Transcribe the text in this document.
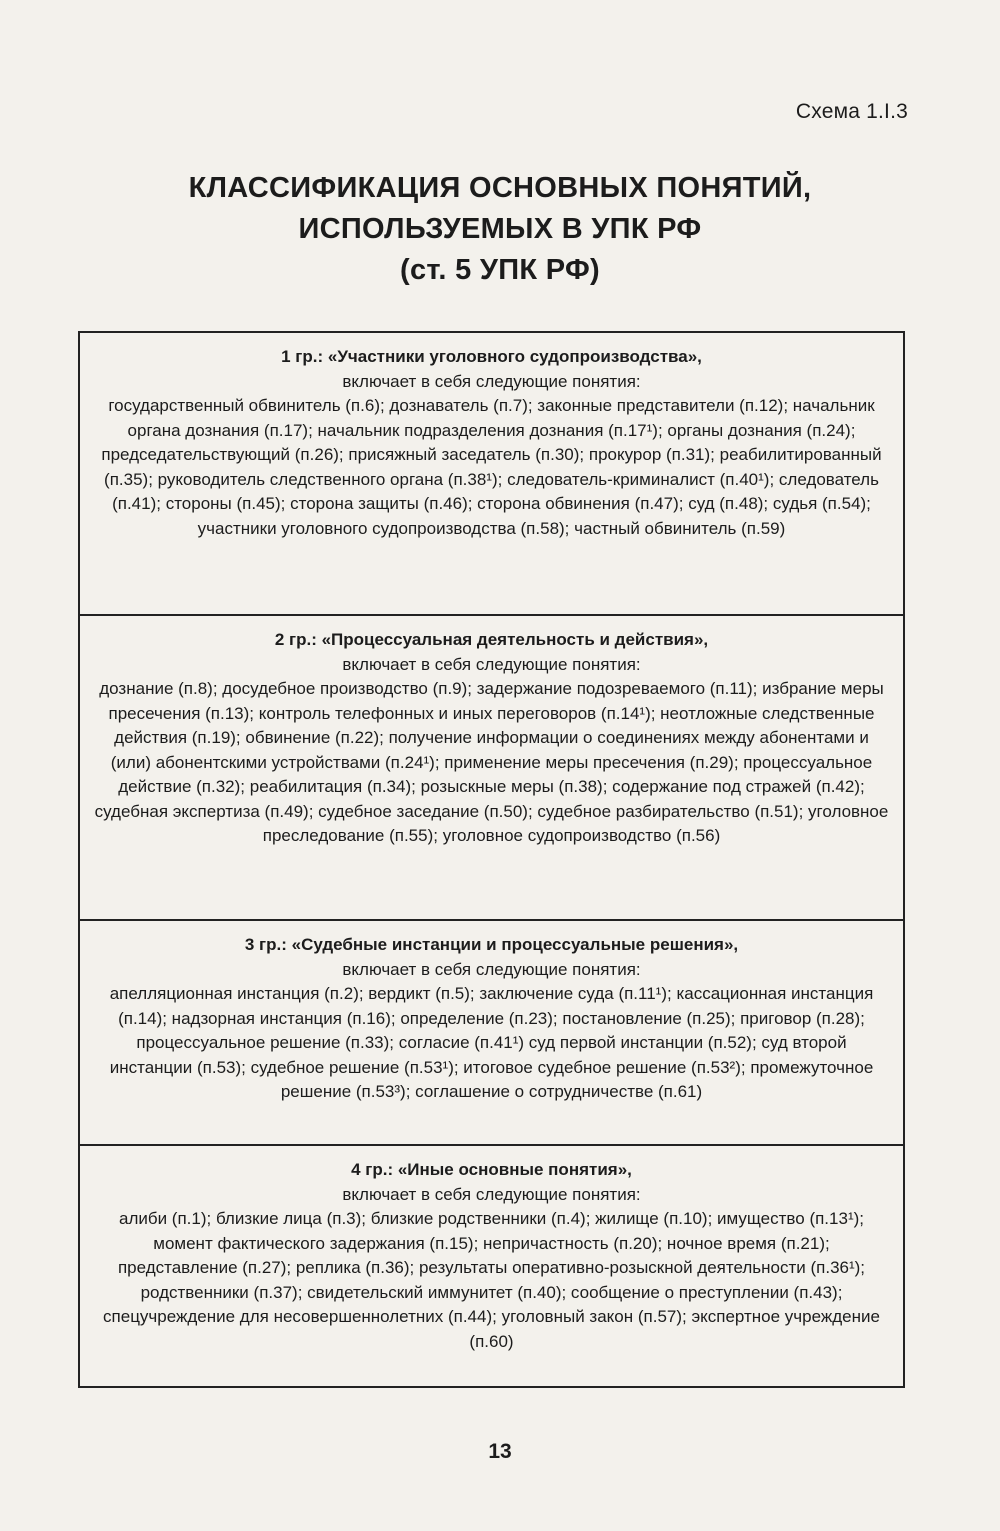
Схема 1.I.3
КЛАССИФИКАЦИЯ ОСНОВНЫХ ПОНЯТИЙ,
ИСПОЛЬЗУЕМЫХ В УПК РФ
(ст. 5 УПК РФ)
1 гр.: «Участники уголовного судопроизводства»,
включает в себя следующие понятия:
государственный обвинитель (п.6); дознаватель (п.7); законные представители (п.12); начальник органа дознания (п.17); начальник подразделения дознания (п.17¹); органы дознания (п.24); председательствующий (п.26); присяжный заседатель (п.30); прокурор (п.31); реабилитированный (п.35); руководитель следственного органа (п.38¹); следователь-криминалист (п.40¹); следователь (п.41); стороны (п.45); сторона защиты (п.46); сторона обвинения (п.47); суд (п.48); судья (п.54); участники уголовного судопроизводства (п.58); частный обвинитель (п.59)
2 гр.: «Процессуальная деятельность и действия»,
включает в себя следующие понятия:
дознание (п.8); досудебное производство (п.9); задержание подозреваемого (п.11); избрание меры пресечения (п.13); контроль телефонных и иных переговоров (п.14¹); неотложные следственные действия (п.19); обвинение (п.22); получение информации о соединениях между абонентами и (или) абонентскими устройствами (п.24¹); применение меры пресечения (п.29); процессуальное действие (п.32); реабилитация (п.34); розыскные меры (п.38); содержание под стражей (п.42); судебная экспертиза (п.49); судебное заседание (п.50); судебное разбирательство (п.51); уголовное преследование (п.55); уголовное судопроизводство (п.56)
3 гр.: «Судебные инстанции и процессуальные решения»,
включает в себя следующие понятия:
апелляционная инстанция (п.2); вердикт (п.5); заключение суда (п.11¹); кассационная инстанция (п.14); надзорная инстанция (п.16); определение (п.23); постановление (п.25); приговор (п.28); процессуальное решение (п.33); согласие (п.41¹) суд первой инстанции (п.52); суд второй инстанции (п.53); судебное решение (п.53¹); итоговое судебное решение (п.53²); промежуточное решение (п.53³); соглашение о сотрудничестве (п.61)
4 гр.: «Иные основные понятия»,
включает в себя следующие понятия:
алиби (п.1); близкие лица (п.3); близкие родственники (п.4); жилище (п.10); имущество (п.13¹); момент фактического задержания (п.15); непричастность (п.20); ночное время (п.21); представление (п.27); реплика (п.36); результаты оперативно-розыскной деятельности (п.36¹); родственники (п.37); свидетельский иммунитет (п.40); сообщение о преступлении (п.43); спецучреждение для несовершеннолетних (п.44); уголовный закон (п.57); экспертное учреждение (п.60)
13
